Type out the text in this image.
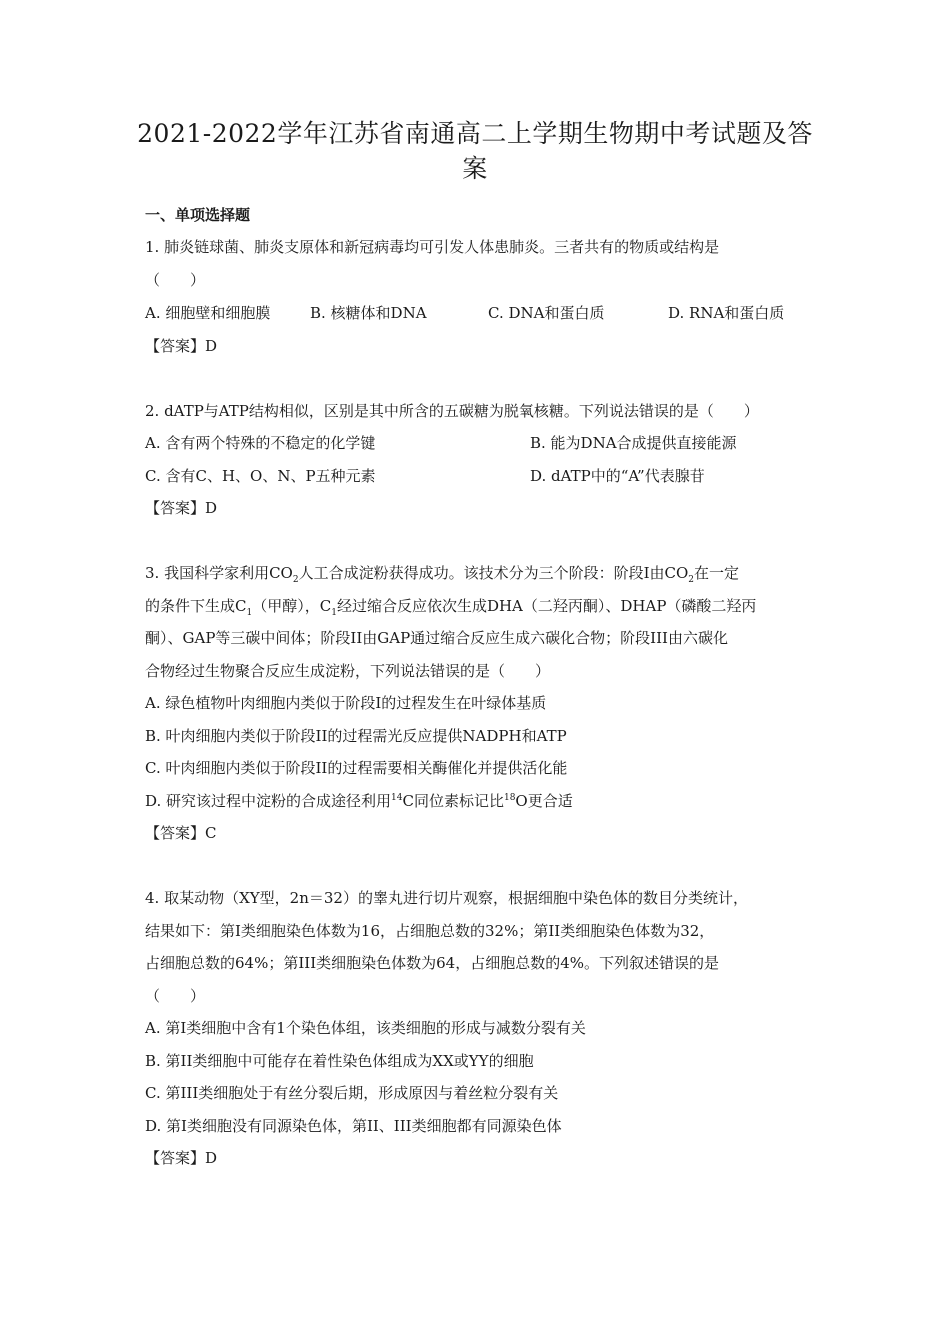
2021-2022学年江苏省南通高二上学期生物期中考试题及答
案
一、单项选择题
1. 肺炎链球菌、肺炎支原体和新冠病毒均可引发人体患肺炎。三者共有的物质或结构是
（　　）
A. 细胞壁和细胞膜	B. 核糖体和DNA	C. DNA和蛋白质	D. RNA和蛋白质
【答案】D
2. dATP与ATP结构相似，区别是其中所含的五碳糖为脱氧核糖。下列说法错误的是（　　）
A. 含有两个特殊的不稳定的化学键	B. 能为DNA合成提供直接能源
C. 含有C、H、O、N、P五种元素	D. dATP中的“A”代表腺苷
【答案】D
3. 我国科学家利用$CO_2$人工合成淀粉获得成功。该技术分为三个阶段：阶段I由$CO_2$在一定
的条件下生成$C_1$（甲醇），$C_1$经过缩合反应依次生成DHA（二羟丙酮）、DHAP（磷酸二羟丙
酮）、GAP等三碳中间体；阶段II由GAP通过缩合反应生成六碳化合物；阶段III由六碳化
合物经过生物聚合反应生成淀粉，下列说法错误的是（　　）
A. 绿色植物叶肉细胞内类似于阶段I的过程发生在叶绿体基质
B. 叶肉细胞内类似于阶段II的过程需光反应提供NADPH和ATP
C. 叶肉细胞内类似于阶段II的过程需要相关酶催化并提供活化能
D. 研究该过程中淀粉的合成途径利用$^{14}$C同位素标记比$^{18}$O更合适
【答案】C
4. 取某动物（XY型，2n＝32）的睾丸进行切片观察，根据细胞中染色体的数目分类统计，
结果如下：第I类细胞染色体数为16，占细胞总数的32%；第II类细胞染色体数为32，
占细胞总数的64%；第III类细胞染色体数为64，占细胞总数的4%。下列叙述错误的是
（　　）
A. 第I类细胞中含有1个染色体组，该类细胞的形成与减数分裂有关
B. 第II类细胞中可能存在着性染色体组成为XX或YY的细胞
C. 第III类细胞处于有丝分裂后期，形成原因与着丝粒分裂有关
D. 第I类细胞没有同源染色体，第II、III类细胞都有同源染色体
【答案】D
